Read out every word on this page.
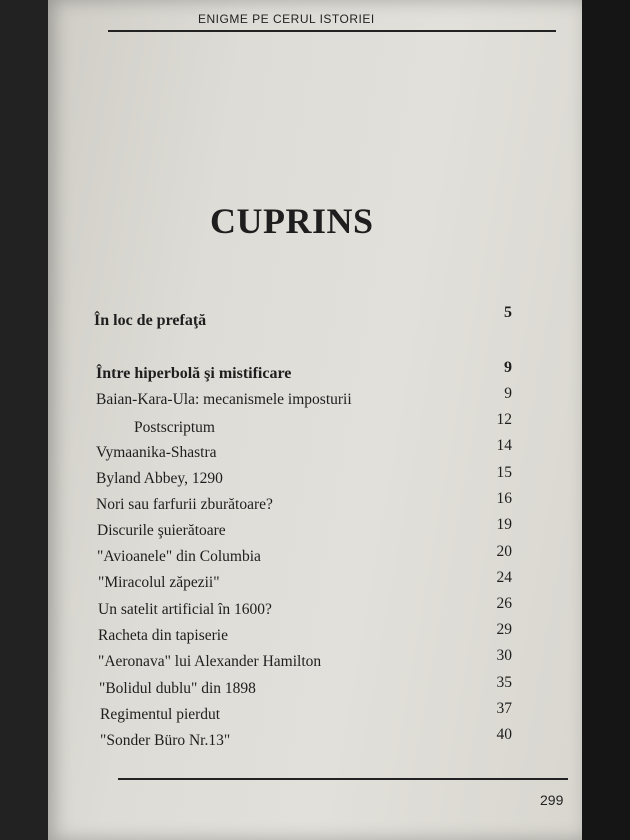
ENIGME PE CERUL ISTORIEI
CUPRINS
În loc de prefaţă	5
Între hiperbolă şi mistificare	9
Baian-Kara-Ula: mecanismele imposturii	9
Postscriptum	12
Vymaanika-Shastra	14
Byland Abbey, 1290	15
Nori sau farfurii zburătoare?	16
Discurile şuierătoare	19
"Avioanele" din Columbia	20
"Miracolul zăpezii"	24
Un satelit artificial în 1600?	26
Racheta din tapiserie	29
"Aeronava" lui Alexander Hamilton	30
"Bolidul dublu" din 1898	35
Regimentul pierdut	37
"Sonder Büro Nr.13"	40
299
